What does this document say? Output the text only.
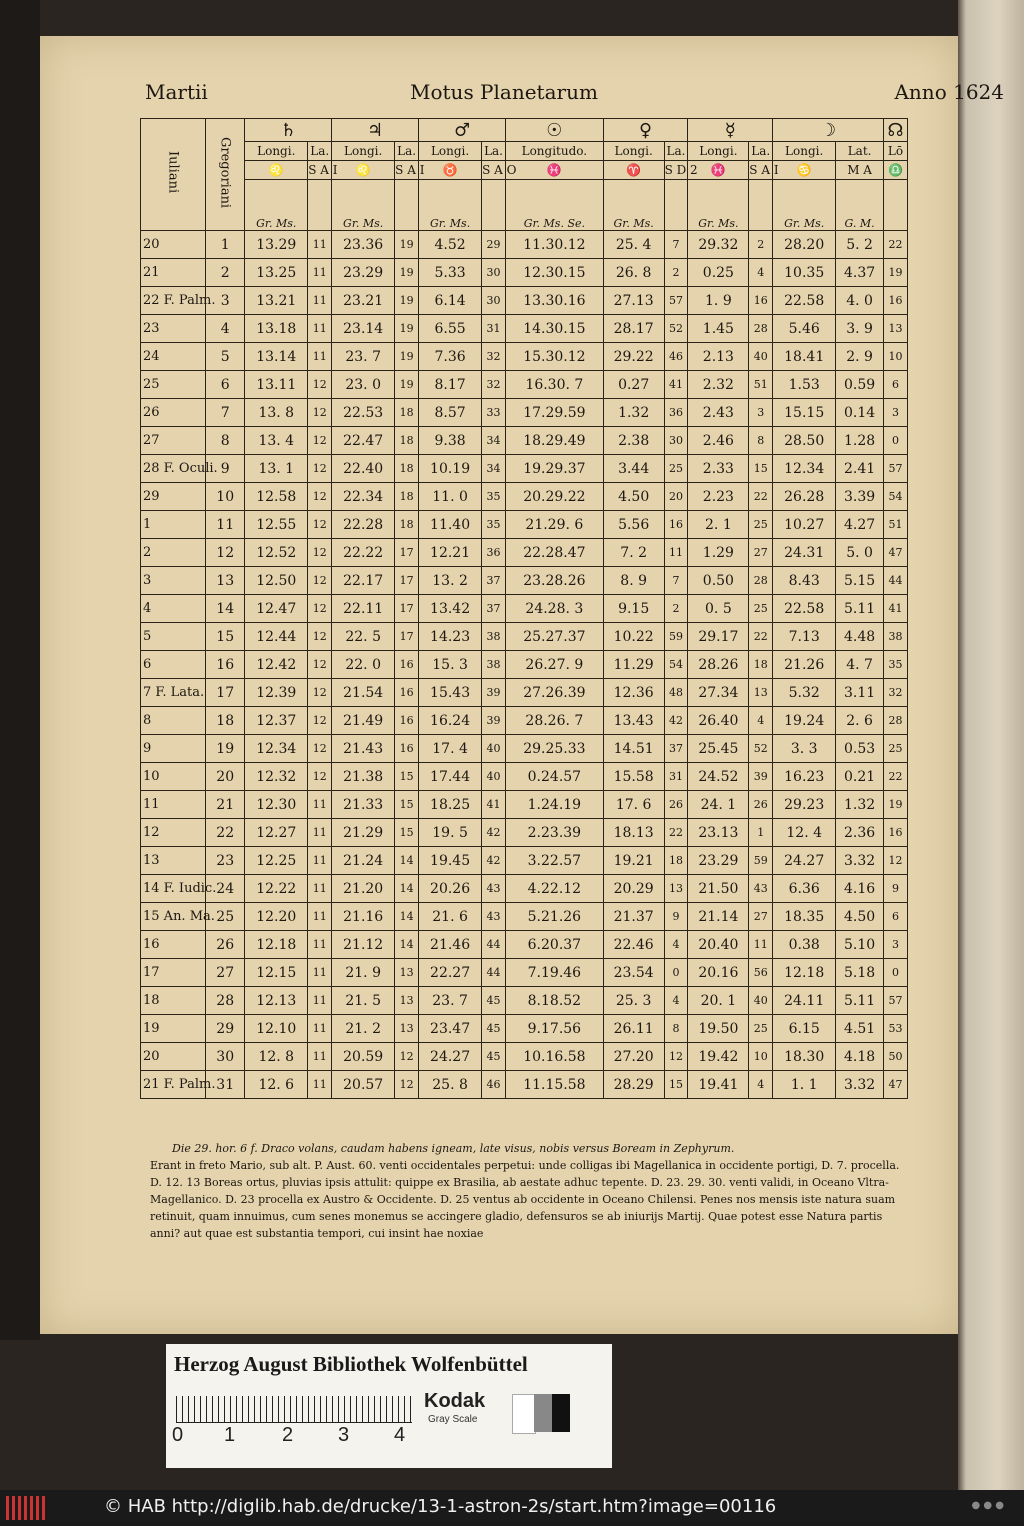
Martii	Motus Planetarum	Anno 1624
Iuliani	Gregoriani	♄		♃		♂		☉	♀		☿		☽		☊
		Longi.	La.	Longi.	La.	Longi.	La.	Longitudo.	Longi.	La.	Longi.	La.	Longi.	Lat.	Lō
		♌	S A I	♌	S A I	♉	S A O	♓	♈	S D 2	♓	S A I	♋	M A	♎
		Gr. Ms.		Gr. Ms.		Gr. Ms.		Gr. Ms. Se.	Gr. Ms.		Gr. Ms.		Gr. Ms.	G. M.	
20	1	13.29	11	23.36	19	4.52	29	11.30.12	25. 4	7	29.32	2	28.20	5. 2	22
21	2	13.25	11	23.29	19	5.33	30	12.30.15	26. 8	2	0.25	4	10.35	4.37	19
22 F. Palm.	3	13.21	11	23.21	19	6.14	30	13.30.16	27.13	57	1. 9	16	22.58	4. 0	16
23	4	13.18	11	23.14	19	6.55	31	14.30.15	28.17	52	1.45	28	5.46	3. 9	13
24	5	13.14	11	23. 7	19	7.36	32	15.30.12	29.22	46	2.13	40	18.41	2. 9	10
25	6	13.11	12	23. 0	19	8.17	32	16.30. 7	0.27	41	2.32	51	1.53	0.59	6
26	7	13. 8	12	22.53	18	8.57	33	17.29.59	1.32	36	2.43	3	15.15	0.14	3
27	8	13. 4	12	22.47	18	9.38	34	18.29.49	2.38	30	2.46	8	28.50	1.28	0
28 F. Oculi.	9	13. 1	12	22.40	18	10.19	34	19.29.37	3.44	25	2.33	15	12.34	2.41	57
29	10	12.58	12	22.34	18	11. 0	35	20.29.22	4.50	20	2.23	22	26.28	3.39	54
1	11	12.55	12	22.28	18	11.40	35	21.29. 6	5.56	16	2. 1	25	10.27	4.27	51
2	12	12.52	12	22.22	17	12.21	36	22.28.47	7. 2	11	1.29	27	24.31	5. 0	47
3	13	12.50	12	22.17	17	13. 2	37	23.28.26	8. 9	7	0.50	28	8.43	5.15	44
4	14	12.47	12	22.11	17	13.42	37	24.28. 3	9.15	2	0. 5	25	22.58	5.11	41
5	15	12.44	12	22. 5	17	14.23	38	25.27.37	10.22	59	29.17	22	7.13	4.48	38
6	16	12.42	12	22. 0	16	15. 3	38	26.27. 9	11.29	54	28.26	18	21.26	4. 7	35
7 F. Lata.	17	12.39	12	21.54	16	15.43	39	27.26.39	12.36	48	27.34	13	5.32	3.11	32
8	18	12.37	12	21.49	16	16.24	39	28.26. 7	13.43	42	26.40	4	19.24	2. 6	28
9	19	12.34	12	21.43	16	17. 4	40	29.25.33	14.51	37	25.45	52	3. 3	0.53	25
10	20	12.32	12	21.38	15	17.44	40	0.24.57	15.58	31	24.52	39	16.23	0.21	22
11	21	12.30	11	21.33	15	18.25	41	1.24.19	17. 6	26	24. 1	26	29.23	1.32	19
12	22	12.27	11	21.29	15	19. 5	42	2.23.39	18.13	22	23.13	1	12. 4	2.36	16
13	23	12.25	11	21.24	14	19.45	42	3.22.57	19.21	18	23.29	59	24.27	3.32	12
14 F. Iudic.	24	12.22	11	21.20	14	20.26	43	4.22.12	20.29	13	21.50	43	6.36	4.16	9
15 An. Ma.	25	12.20	11	21.16	14	21. 6	43	5.21.26	21.37	9	21.14	27	18.35	4.50	6
16	26	12.18	11	21.12	14	21.46	44	6.20.37	22.46	4	20.40	11	0.38	5.10	3
17	27	12.15	11	21. 9	13	22.27	44	7.19.46	23.54	0	20.16	56	12.18	5.18	0
18	28	12.13	11	21. 5	13	23. 7	45	8.18.52	25. 3	4	20. 1	40	24.11	5.11	57
19	29	12.10	11	21. 2	13	23.47	45	9.17.56	26.11	8	19.50	25	6.15	4.51	53
20	30	12. 8	11	20.59	12	24.27	45	10.16.58	27.20	12	19.42	10	18.30	4.18	50
21 F. Palm.	31	12. 6	11	20.57	12	25. 8	46	11.15.58	28.29	15	19.41	4	1. 1	3.32	47

Die 29. hor. 6 f. Draco volans, caudam habens igneam, late visus, nobis versus Boream in Zephyrum.

Erant in freto Mario, sub alt. P. Aust. 60. venti occidentales perpetui: unde colligas ibi Magellanica in occidente portigi, D. 7. procella. D. 12. 13 Boreas ortus, pluvias ipsis attulit: quippe ex Brasilia, ab aestate adhuc tepente. D. 23. 29. 30. venti validi, in Oceano Vltra-Magellanico. D. 23 procella ex Austro & Occidente. D. 25 ventus ab occidente in Oceano Chilensi. Penes nos mensis iste natura suam retinuit, quam innuimus, cum senes monemus se accingere gladio, defensuros se ab iniurijs Martij. Quae potest esse Natura partis anni? aut quae est substantia tempori, cui insint hae noxiae

Herzog August Bibliothek Wolfenbüttel
0 1 2 3 4
Kodak
Gray Scale
© HAB http://diglib.hab.de/drucke/13-1-astron-2s/start.htm?image=00116	● ● ●
